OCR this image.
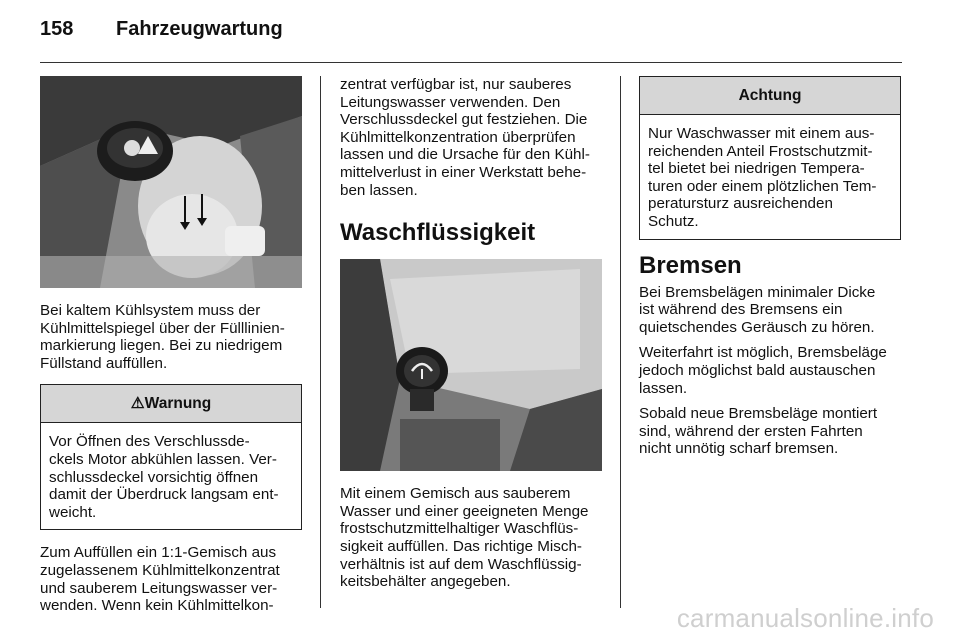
158	Fahrzeugwartung

Bei kaltem Kühlsystem muss der
Kühlmittelspiegel über der Fülllinien-
markierung liegen. Bei zu niedrigem
Füllstand auffüllen.

⚠ Warnung
Vor Öffnen des Verschlussde-
ckels Motor abkühlen lassen. Ver-
schlussdeckel vorsichtig öffnen
damit der Überdruck langsam ent-
weicht.

Zum Auffüllen ein 1:1-Gemisch aus
zugelassenem Kühlmittelkonzentrat
und sauberem Leitungswasser ver-
wenden. Wenn kein Kühlmittelkon-

zentrat verfügbar ist, nur sauberes
Leitungswasser verwenden. Den
Verschlussdeckel gut festziehen. Die
Kühlmittelkonzentration überprüfen
lassen und die Ursache für den Kühl-
mittelverlust in einer Werkstatt behe-
ben lassen.

Waschflüssigkeit

Mit einem Gemisch aus sauberem
Wasser und einer geeigneten Menge
frostschutzmittelhaltiger Waschflüs-
sigkeit auffüllen. Das richtige Misch-
verhältnis ist auf dem Waschflüssig-
keitsbehälter angegeben.

Achtung
Nur Waschwasser mit einem aus-
reichenden Anteil Frostschutzmit-
tel bietet bei niedrigen Tempera-
turen oder einem plötzlichen Tem-
peratursturz ausreichenden
Schutz.
Bremsen

Bei Bremsbelägen minimaler Dicke
ist während des Bremsens ein
quietschendes Geräusch zu hören.

Weiterfahrt ist möglich, Bremsbeläge
jedoch möglichst bald austauschen
lassen.

Sobald neue Bremsbeläge montiert
sind, während der ersten Fahrten
nicht unnötig scharf bremsen.

carmanualsonline.info
